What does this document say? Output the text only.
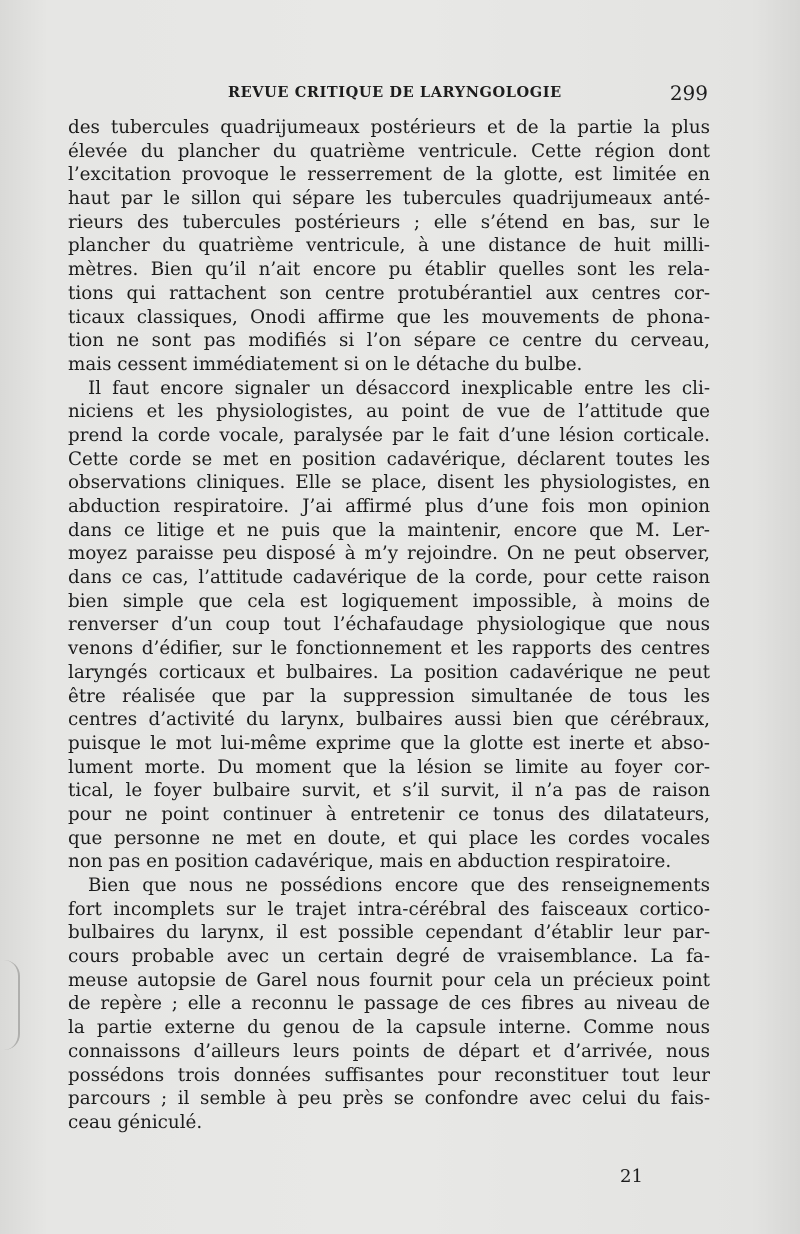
REVUE CRITIQUE DE LARYNGOLOGIE	299
des tubercules quadrijumeaux postérieurs et de la partie la plus
élevée du plancher du quatrième ventricule. Cette région dont
l’excitation provoque le resserrement de la glotte, est limitée en
haut par le sillon qui sépare les tubercules quadrijumeaux anté-
rieurs des tubercules postérieurs ; elle s’étend en bas, sur le
plancher du quatrième ventricule, à une distance de huit milli-
mètres. Bien qu’il n’ait encore pu établir quelles sont les rela-
tions qui rattachent son centre protubérantiel aux centres cor-
ticaux classiques, Onodi affirme que les mouvements de phona-
tion ne sont pas modifiés si l’on sépare ce centre du cerveau,
mais cessent immédiatement si on le détache du bulbe.
Il faut encore signaler un désaccord inexplicable entre les cli-
niciens et les physiologistes, au point de vue de l’attitude que
prend la corde vocale, paralysée par le fait d’une lésion corticale.
Cette corde se met en position cadavérique, déclarent toutes les
observations cliniques. Elle se place, disent les physiologistes, en
abduction respiratoire. J’ai affirmé plus d’une fois mon opinion
dans ce litige et ne puis que la maintenir, encore que M. Ler-
moyez paraisse peu disposé à m’y rejoindre. On ne peut observer,
dans ce cas, l’attitude cadavérique de la corde, pour cette raison
bien simple que cela est logiquement impossible, à moins de
renverser d’un coup tout l’échafaudage physiologique que nous
venons d’édifier, sur le fonctionnement et les rapports des centres
laryngés corticaux et bulbaires. La position cadavérique ne peut
être réalisée que par la suppression simultanée de tous les
centres d’activité du larynx, bulbaires aussi bien que cérébraux,
puisque le mot lui-même exprime que la glotte est inerte et abso-
lument morte. Du moment que la lésion se limite au foyer cor-
tical, le foyer bulbaire survit, et s’il survit, il n’a pas de raison
pour ne point continuer à entretenir ce tonus des dilatateurs,
que personne ne met en doute, et qui place les cordes vocales
non pas en position cadavérique, mais en abduction respiratoire.
Bien que nous ne possédions encore que des renseignements
fort incomplets sur le trajet intra-cérébral des faisceaux cortico-
bulbaires du larynx, il est possible cependant d’établir leur par-
cours probable avec un certain degré de vraisemblance. La fa-
meuse autopsie de Garel nous fournit pour cela un précieux point
de repère ; elle a reconnu le passage de ces fibres au niveau de
la partie externe du genou de la capsule interne. Comme nous
connaissons d’ailleurs leurs points de départ et d’arrivée, nous
possédons trois données suffisantes pour reconstituer tout leur
parcours ; il semble à peu près se confondre avec celui du fais-
ceau géniculé.
21
